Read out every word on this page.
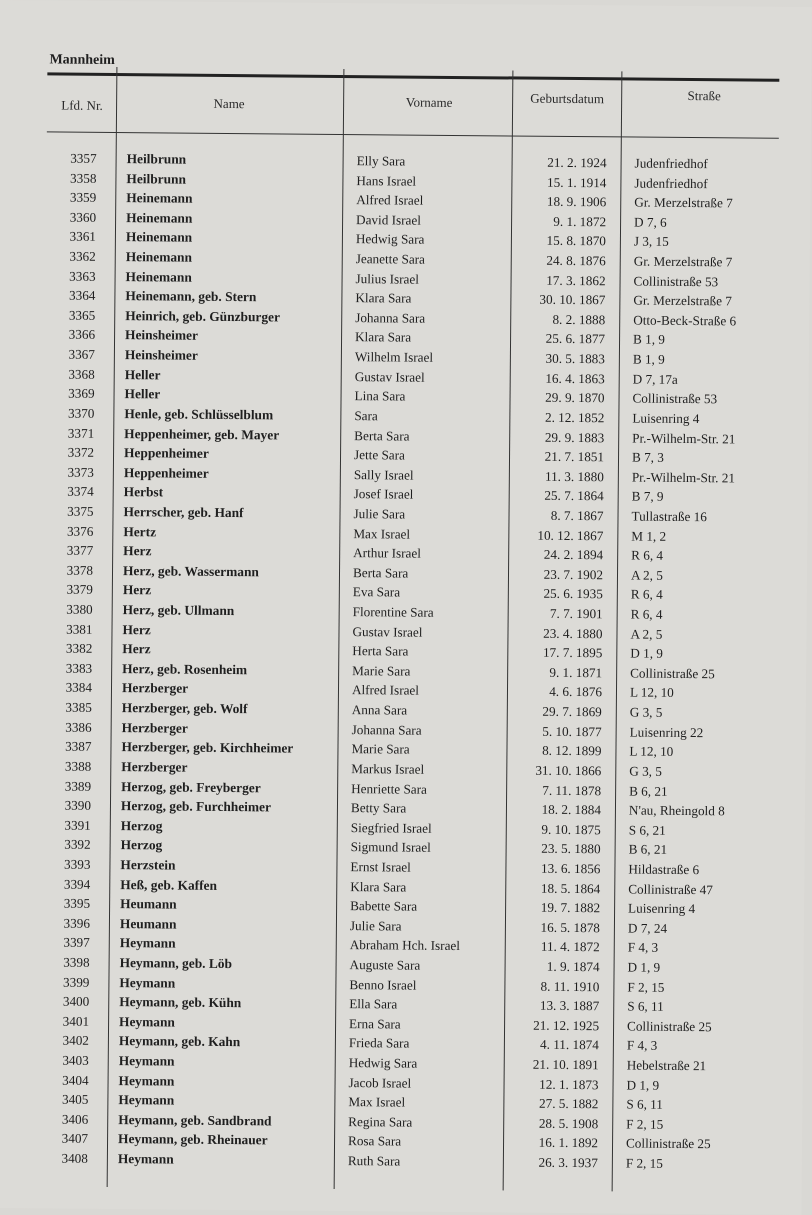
Mannheim
Lfd. Nr.	Name	Vorname	Geburtsdatum	Straße
3357 Heilbrunn	Elly Sara	21. 2. 1924 Judenfriedhof
3358 Heilbrunn	Hans Israel	15. 1. 1914 Judenfriedhof
3359 Heinemann	Alfred Israel	18. 9. 1906 Gr. Merzelstraße 7
3360 Heinemann	David Israel	9. 1. 1872 D 7, 6
3361 Heinemann	Hedwig Sara	15. 8. 1870 J 3, 15
3362 Heinemann	Jeanette Sara	24. 8. 1876 Gr. Merzelstraße 7
3363 Heinemann	Julius Israel	17. 3. 1862 Collinistraße 53
3364 Heinemann, geb. Stern	Klara Sara	30. 10. 1867 Gr. Merzelstraße 7
3365 Heinrich, geb. Günzburger	Johanna Sara	8. 2. 1888 Otto-Beck-Straße 6
3366 Heinsheimer	Klara Sara	25. 6. 1877 B 1, 9
3367 Heinsheimer	Wilhelm Israel	30. 5. 1883 B 1, 9
3368 Heller	Gustav Israel	16. 4. 1863 D 7, 17a
3369 Heller	Lina Sara	29. 9. 1870 Collinistraße 53
3370 Henle, geb. Schlüsselblum	Sara	2. 12. 1852 Luisenring 4
3371 Heppenheimer, geb. Mayer	Berta Sara	29. 9. 1883 Pr.-Wilhelm-Str. 21
3372 Heppenheimer	Jette Sara	21. 7. 1851 B 7, 3
3373 Heppenheimer	Sally Israel	11. 3. 1880 Pr.-Wilhelm-Str. 21
3374 Herbst	Josef Israel	25. 7. 1864 B 7, 9
3375 Herrscher, geb. Hanf	Julie Sara	8. 7. 1867 Tullastraße 16
3376 Hertz	Max Israel	10. 12. 1867 M 1, 2
3377 Herz	Arthur Israel	24. 2. 1894 R 6, 4
3378 Herz, geb. Wassermann	Berta Sara	23. 7. 1902 A 2, 5
3379 Herz	Eva Sara	25. 6. 1935 R 6, 4
3380 Herz, geb. Ullmann	Florentine Sara	7. 7. 1901 R 6, 4
3381 Herz	Gustav Israel	23. 4. 1880 A 2, 5
3382 Herz	Herta Sara	17. 7. 1895 D 1, 9
3383 Herz, geb. Rosenheim	Marie Sara	9. 1. 1871 Collinistraße 25
3384 Herzberger	Alfred Israel	4. 6. 1876 L 12, 10
3385 Herzberger, geb. Wolf	Anna Sara	29. 7. 1869 G 3, 5
3386 Herzberger	Johanna Sara	5. 10. 1877 Luisenring 22
3387 Herzberger, geb. Kirchheimer	Marie Sara	8. 12. 1899 L 12, 10
3388 Herzberger	Markus Israel	31. 10. 1866 G 3, 5
3389 Herzog, geb. Freyberger	Henriette Sara	7. 11. 1878 B 6, 21
3390 Herzog, geb. Furchheimer	Betty Sara	18. 2. 1884 N'au, Rheingold 8
3391 Herzog	Siegfried Israel	9. 10. 1875 S 6, 21
3392 Herzog	Sigmund Israel	23. 5. 1880 B 6, 21
3393 Herzstein	Ernst Israel	13. 6. 1856 Hildastraße 6
3394 Heß, geb. Kaffen	Klara Sara	18. 5. 1864 Collinistraße 47
3395 Heumann	Babette Sara	19. 7. 1882 Luisenring 4
3396 Heumann	Julie Sara	16. 5. 1878 D 7, 24
3397 Heymann	Abraham Hch. Israel	11. 4. 1872 F 4, 3
3398 Heymann, geb. Löb	Auguste Sara	1. 9. 1874 D 1, 9
3399 Heymann	Benno Israel	8. 11. 1910 F 2, 15
3400 Heymann, geb. Kühn	Ella Sara	13. 3. 1887 S 6, 11
3401 Heymann	Erna Sara	21. 12. 1925 Collinistraße 25
3402 Heymann, geb. Kahn	Frieda Sara	4. 11. 1874 F 4, 3
3403 Heymann	Hedwig Sara	21. 10. 1891 Hebelstraße 21
3404 Heymann	Jacob Israel	12. 1. 1873 D 1, 9
3405 Heymann	Max Israel	27. 5. 1882 S 6, 11
3406 Heymann, geb. Sandbrand	Regina Sara	28. 5. 1908 F 2, 15
3407 Heymann, geb. Rheinauer	Rosa Sara	16. 1. 1892 Collinistraße 25
3408 Heymann	Ruth Sara	26. 3. 1937 F 2, 15
